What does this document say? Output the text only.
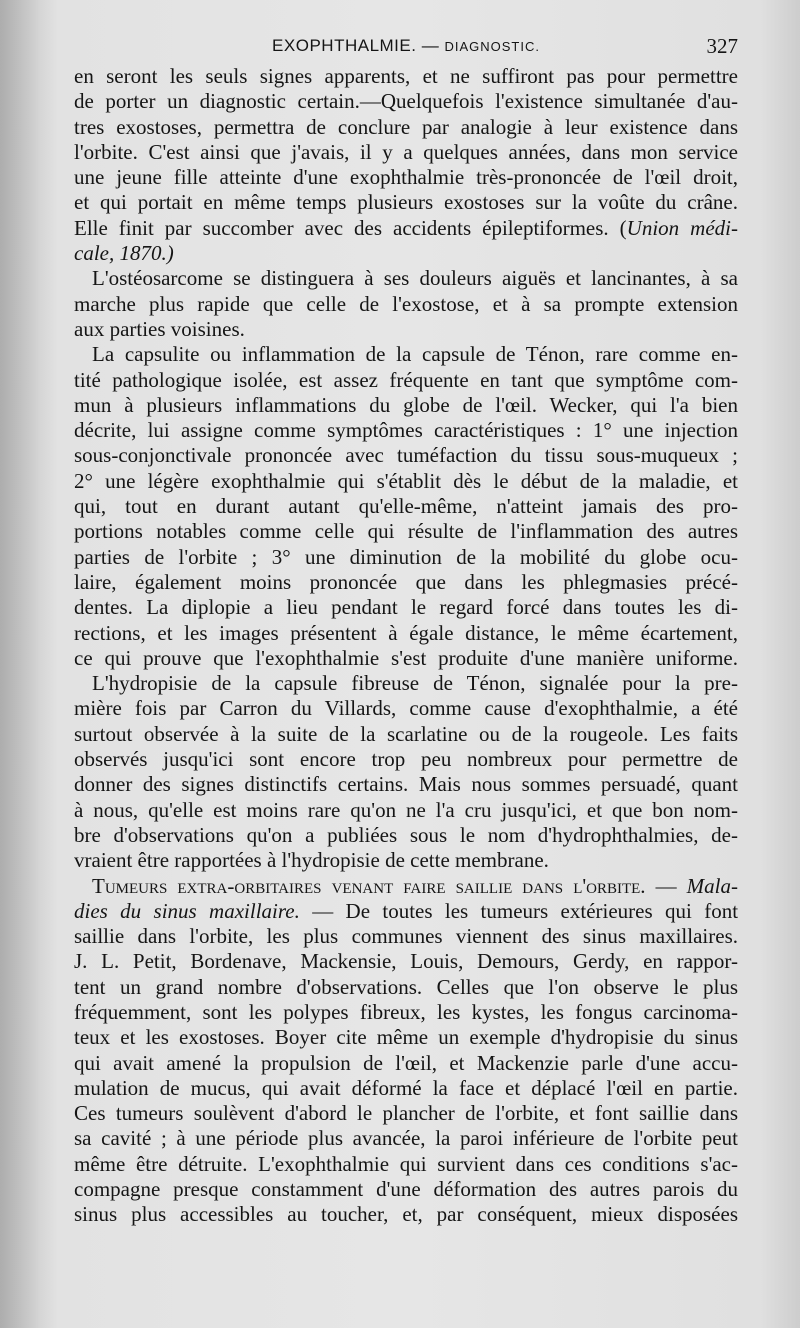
EXOPHTHALMIE. — DIAGNOSTIC.	327

en seront les seuls signes apparents, et ne suffiront pas pour permettre

de porter un diagnostic certain.—Quelquefois l'existence simultanée d'au-

tres exostoses, permettra de conclure par analogie à leur existence dans

l'orbite. C'est ainsi que j'avais, il y a quelques années, dans mon service

une jeune fille atteinte d'une exophthalmie très-prononcée de l'œil droit,

et qui portait en même temps plusieurs exostoses sur la voûte du crâne.

Elle finit par succomber avec des accidents épileptiformes. (Union médi-

cale, 1870.)

L'ostéosarcome se distinguera à ses douleurs aiguës et lancinantes, à sa

marche plus rapide que celle de l'exostose, et à sa prompte extension

aux parties voisines.

La capsulite ou inflammation de la capsule de Ténon, rare comme en-

tité pathologique isolée, est assez fréquente en tant que symptôme com-

mun à plusieurs inflammations du globe de l'œil. Wecker, qui l'a bien

décrite, lui assigne comme symptômes caractéristiques : 1° une injection

sous-conjonctivale prononcée avec tuméfaction du tissu sous-muqueux ;

2° une légère exophthalmie qui s'établit dès le début de la maladie, et

qui, tout en durant autant qu'elle-même, n'atteint jamais des pro-

portions notables comme celle qui résulte de l'inflammation des autres

parties de l'orbite ; 3° une diminution de la mobilité du globe ocu-

laire, également moins prononcée que dans les phlegmasies précé-

dentes. La diplopie a lieu pendant le regard forcé dans toutes les di-

rections, et les images présentent à égale distance, le même écartement,

ce qui prouve que l'exophthalmie s'est produite d'une manière uniforme.

L'hydropisie de la capsule fibreuse de Ténon, signalée pour la pre-

mière fois par Carron du Villards, comme cause d'exophthalmie, a été

surtout observée à la suite de la scarlatine ou de la rougeole. Les faits

observés jusqu'ici sont encore trop peu nombreux pour permettre de

donner des signes distinctifs certains. Mais nous sommes persuadé, quant

à nous, qu'elle est moins rare qu'on ne l'a cru jusqu'ici, et que bon nom-

bre d'observations qu'on a publiées sous le nom d'hydrophthalmies, de-

vraient être rapportées à l'hydropisie de cette membrane.

Tumeurs extra-orbitaires venant faire saillie dans l'orbite. — Mala-

dies du sinus maxillaire. — De toutes les tumeurs extérieures qui font

saillie dans l'orbite, les plus communes viennent des sinus maxillaires.

J. L. Petit, Bordenave, Mackensie, Louis, Demours, Gerdy, en rappor-

tent un grand nombre d'observations. Celles que l'on observe le plus

fréquemment, sont les polypes fibreux, les kystes, les fongus carcinoma-

teux et les exostoses. Boyer cite même un exemple d'hydropisie du sinus

qui avait amené la propulsion de l'œil, et Mackenzie parle d'une accu-

mulation de mucus, qui avait déformé la face et déplacé l'œil en partie.

Ces tumeurs soulèvent d'abord le plancher de l'orbite, et font saillie dans

sa cavité ; à une période plus avancée, la paroi inférieure de l'orbite peut

même être détruite. L'exophthalmie qui survient dans ces conditions s'ac-

compagne presque constamment d'une déformation des autres parois du

sinus plus accessibles au toucher, et, par conséquent, mieux disposées
